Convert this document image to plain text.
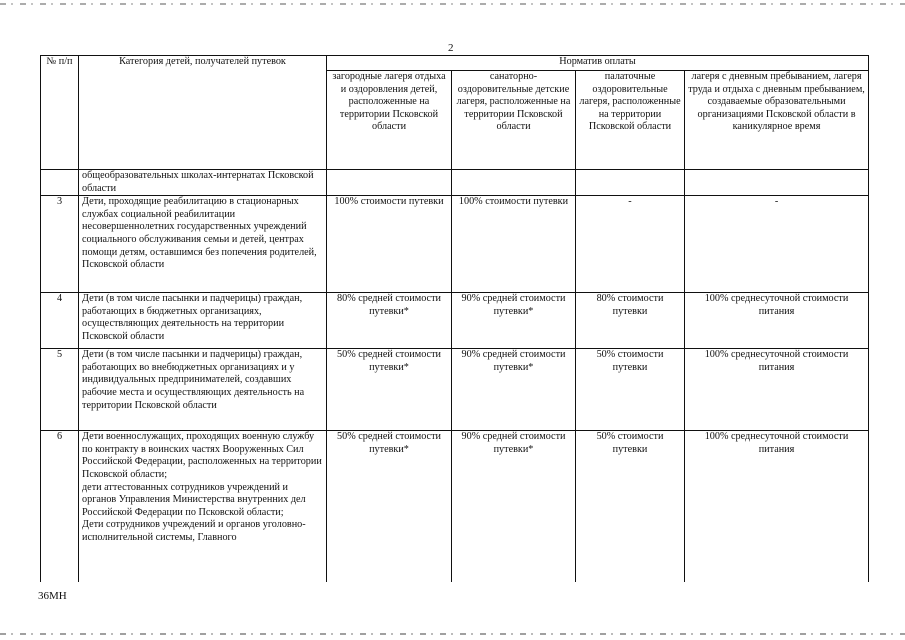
2
№ п/п	Категория детей, получателей путевок	Норматив оплаты			
		загородные лагеря отдыха и оздоровления детей, расположенные на территории Псковской области	санаторно-оздоровительные детские лагеря, расположенные на территории Псковской области	палаточные оздоровительные лагеря, расположенные на территории Псковской области	лагеря с дневным пребыванием, лагеря труда и отдыха с дневным пребыванием, создаваемые образовательными организациями Псковской области в каникулярное время
	общеобразовательных школах-интернатах Псковской области				
3	Дети, проходящие реабилитацию в стационарных службах социальной реабилитации несовершеннолетних государственных учреждений социального обслуживания семьи и детей, центрах помощи детям, оставшимся без попечения родителей, Псковской области	100% стоимости путевки	100% стоимости путевки	-	-
4	Дети (в том числе пасынки и падчерицы) граждан, работающих в бюджетных организациях, осуществляющих деятельность на территории Псковской области	80% средней стоимости путевки*	90% средней стоимости путевки*	80% стоимости путевки	100% среднесуточной стоимости питания
5	Дети (в том числе пасынки и падчерицы) граждан, работающих во внебюджетных организациях и у индивидуальных предпринимателей, создавших рабочие места и осуществляющих деятельность на территории Псковской области	50% средней стоимости путевки*	90% средней стоимости путевки*	50% стоимости путевки	100% среднесуточной стоимости питания
6	Дети военнослужащих, проходящих военную службу по контракту в воинских частях Вооруженных Сил Российской Федерации, расположенных на территории Псковской области;
дети аттестованных сотрудников учреждений и органов Управления Министерства внутренних дел Российской Федерации по Псковской области;
Дети сотрудников учреждений и органов уголовно-исполнительной системы, Главного	50% средней стоимости путевки*	90% средней стоимости путевки*	50% стоимости путевки	100% среднесуточной стоимости питания
36МН
